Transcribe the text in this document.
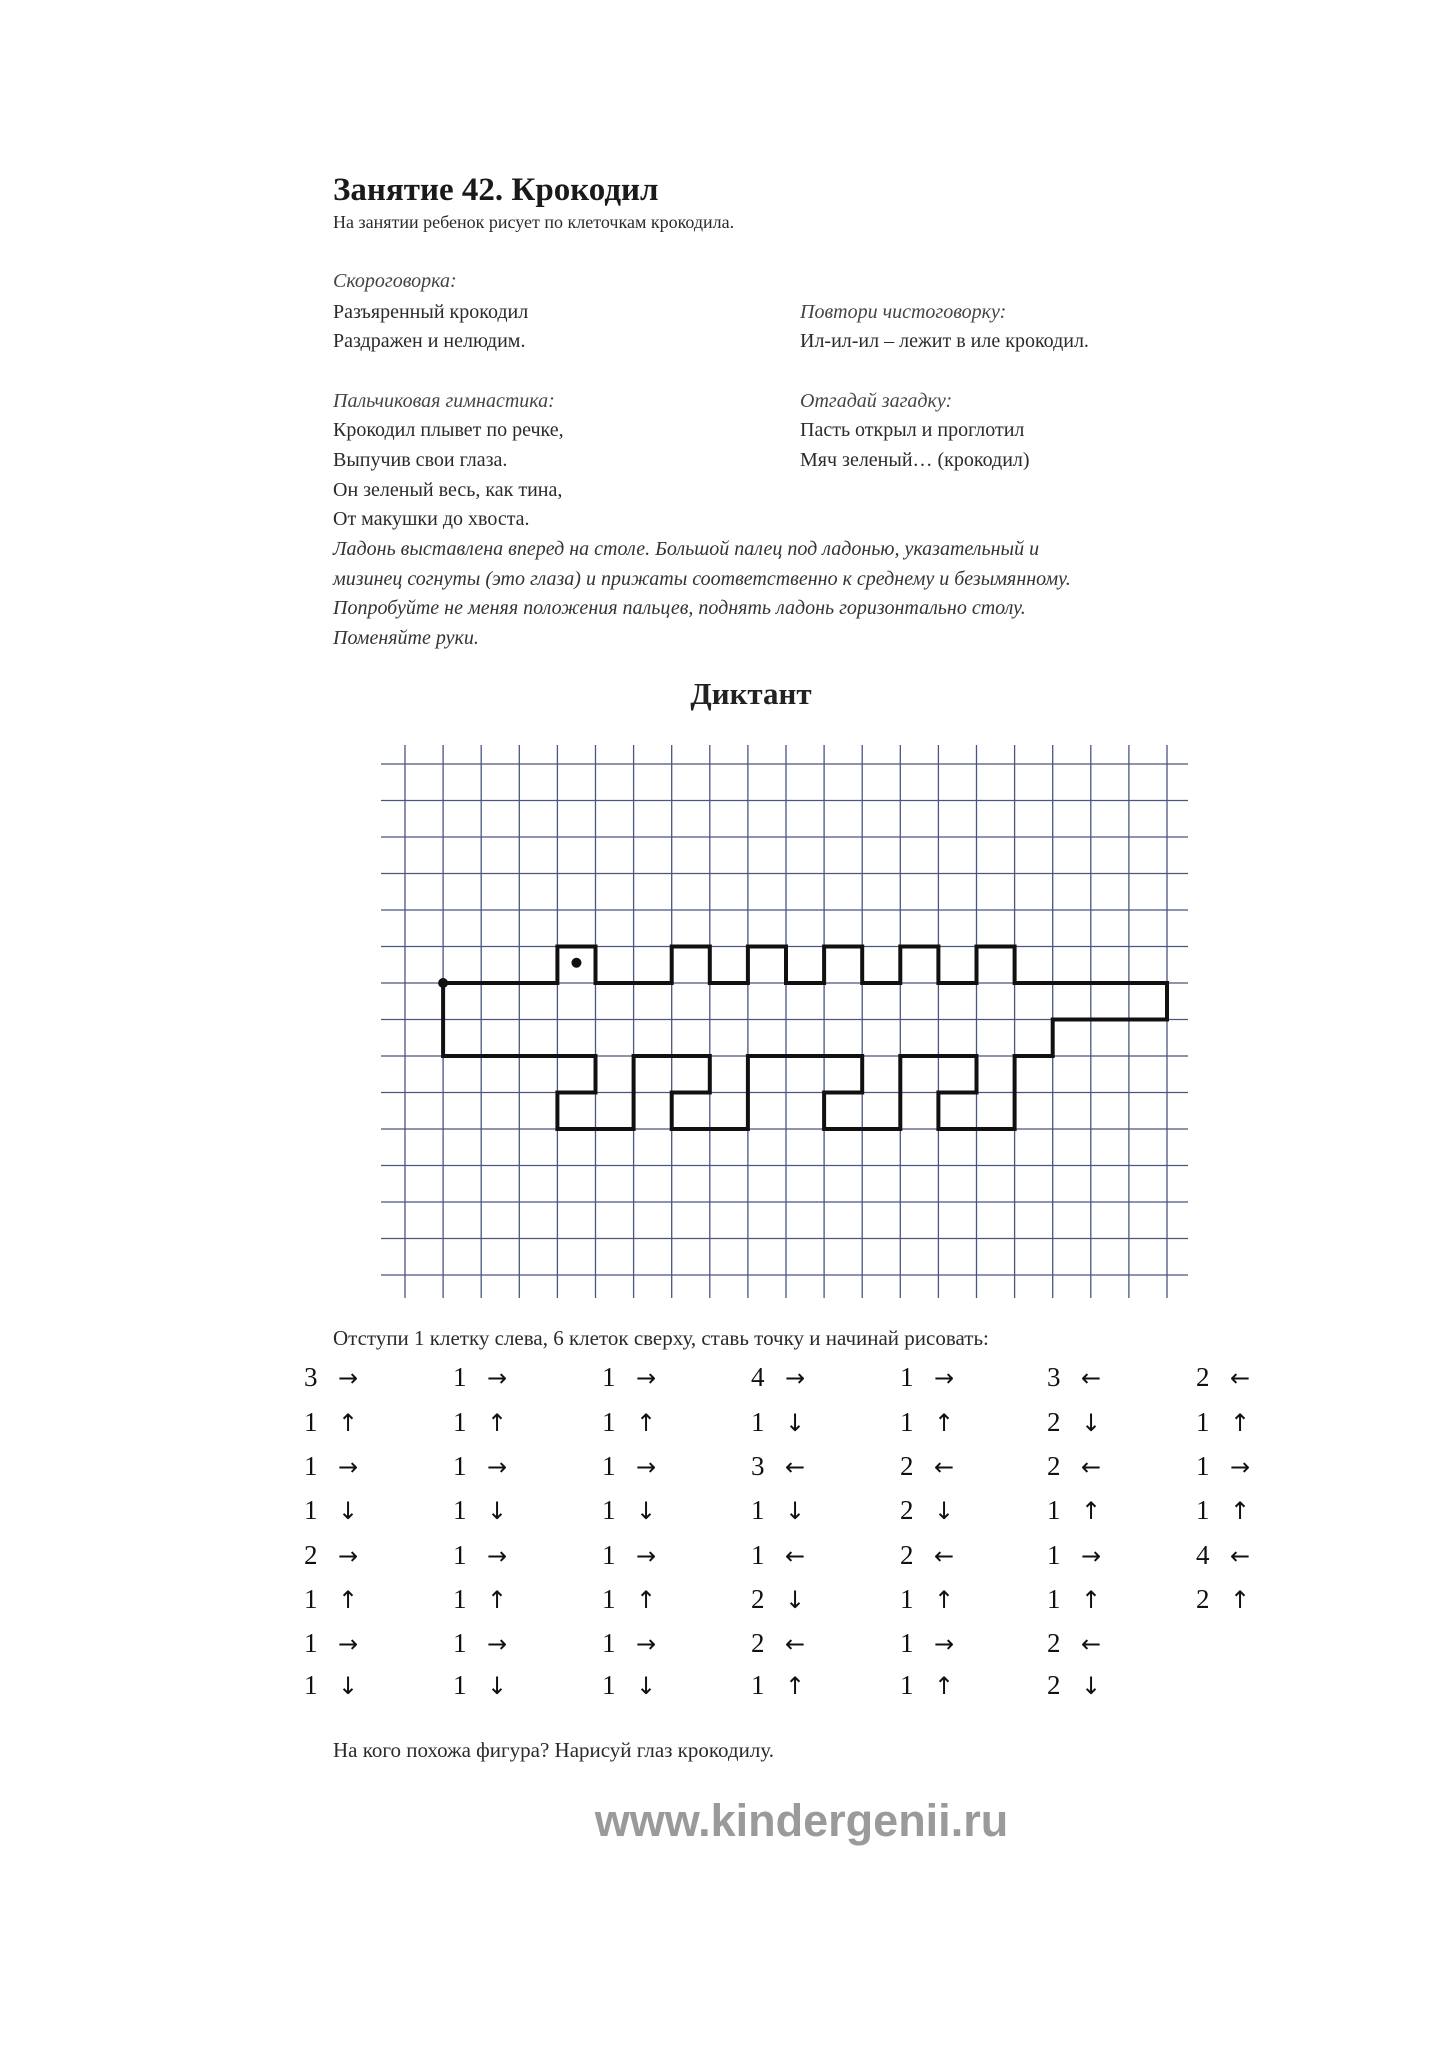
Занятие 42. Крокодил
На занятии ребенок рисует по клеточкам крокодила.
Скороговорка:
Разъяренный крокодил
Раздражен и нелюдим.
Повтори чистоговорку:
Ил-ил-ил – лежит в иле крокодил.
Пальчиковая гимнастика:
Крокодил плывет по речке,
Выпучив свои глаза.
Он зеленый весь, как тина,
От макушки до хвоста.
Ладонь выставлена вперед на столе. Большой палец под ладонью, указательный и
мизинец согнуты (это глаза) и прижаты соответственно к среднему и безымянному.
Попробуйте не меняя положения пальцев, поднять ладонь горизонтально столу.
Поменяйте руки.
Отгадай загадку:
Пасть открыл и проглотил
Мяч зеленый… (крокодил)
Диктант
Отступи 1 клетку слева, 6 клеток сверху, ставь точку и начинай рисовать:
3 →
1 ↑
1 →
1 ↓
2 →
1 ↑
1 →
1 ↓
1 →
1 ↑
1 →
1 ↓
1 →
1 ↑
1 →
1 ↓
1 →
1 ↑
1 →
1 ↓
1 →
1 ↑
1 →
1 ↓
4 →
1 ↓
3 ←
1 ↓
1 ←
2 ↓
2 ←
1 ↑
1 →
1 ↑
2 ←
2 ↓
2 ←
1 ↑
1 →
1 ↑
3 ←
2 ↓
2 ←
1 ↑
1 →
1 ↑
2 ←
2 ↓
2 ←
1 ↑
1 →
1 ↑
4 ←
2 ↑
На кого похожа фигура? Нарисуй глаз крокодилу.
www.kindergenii.ru
